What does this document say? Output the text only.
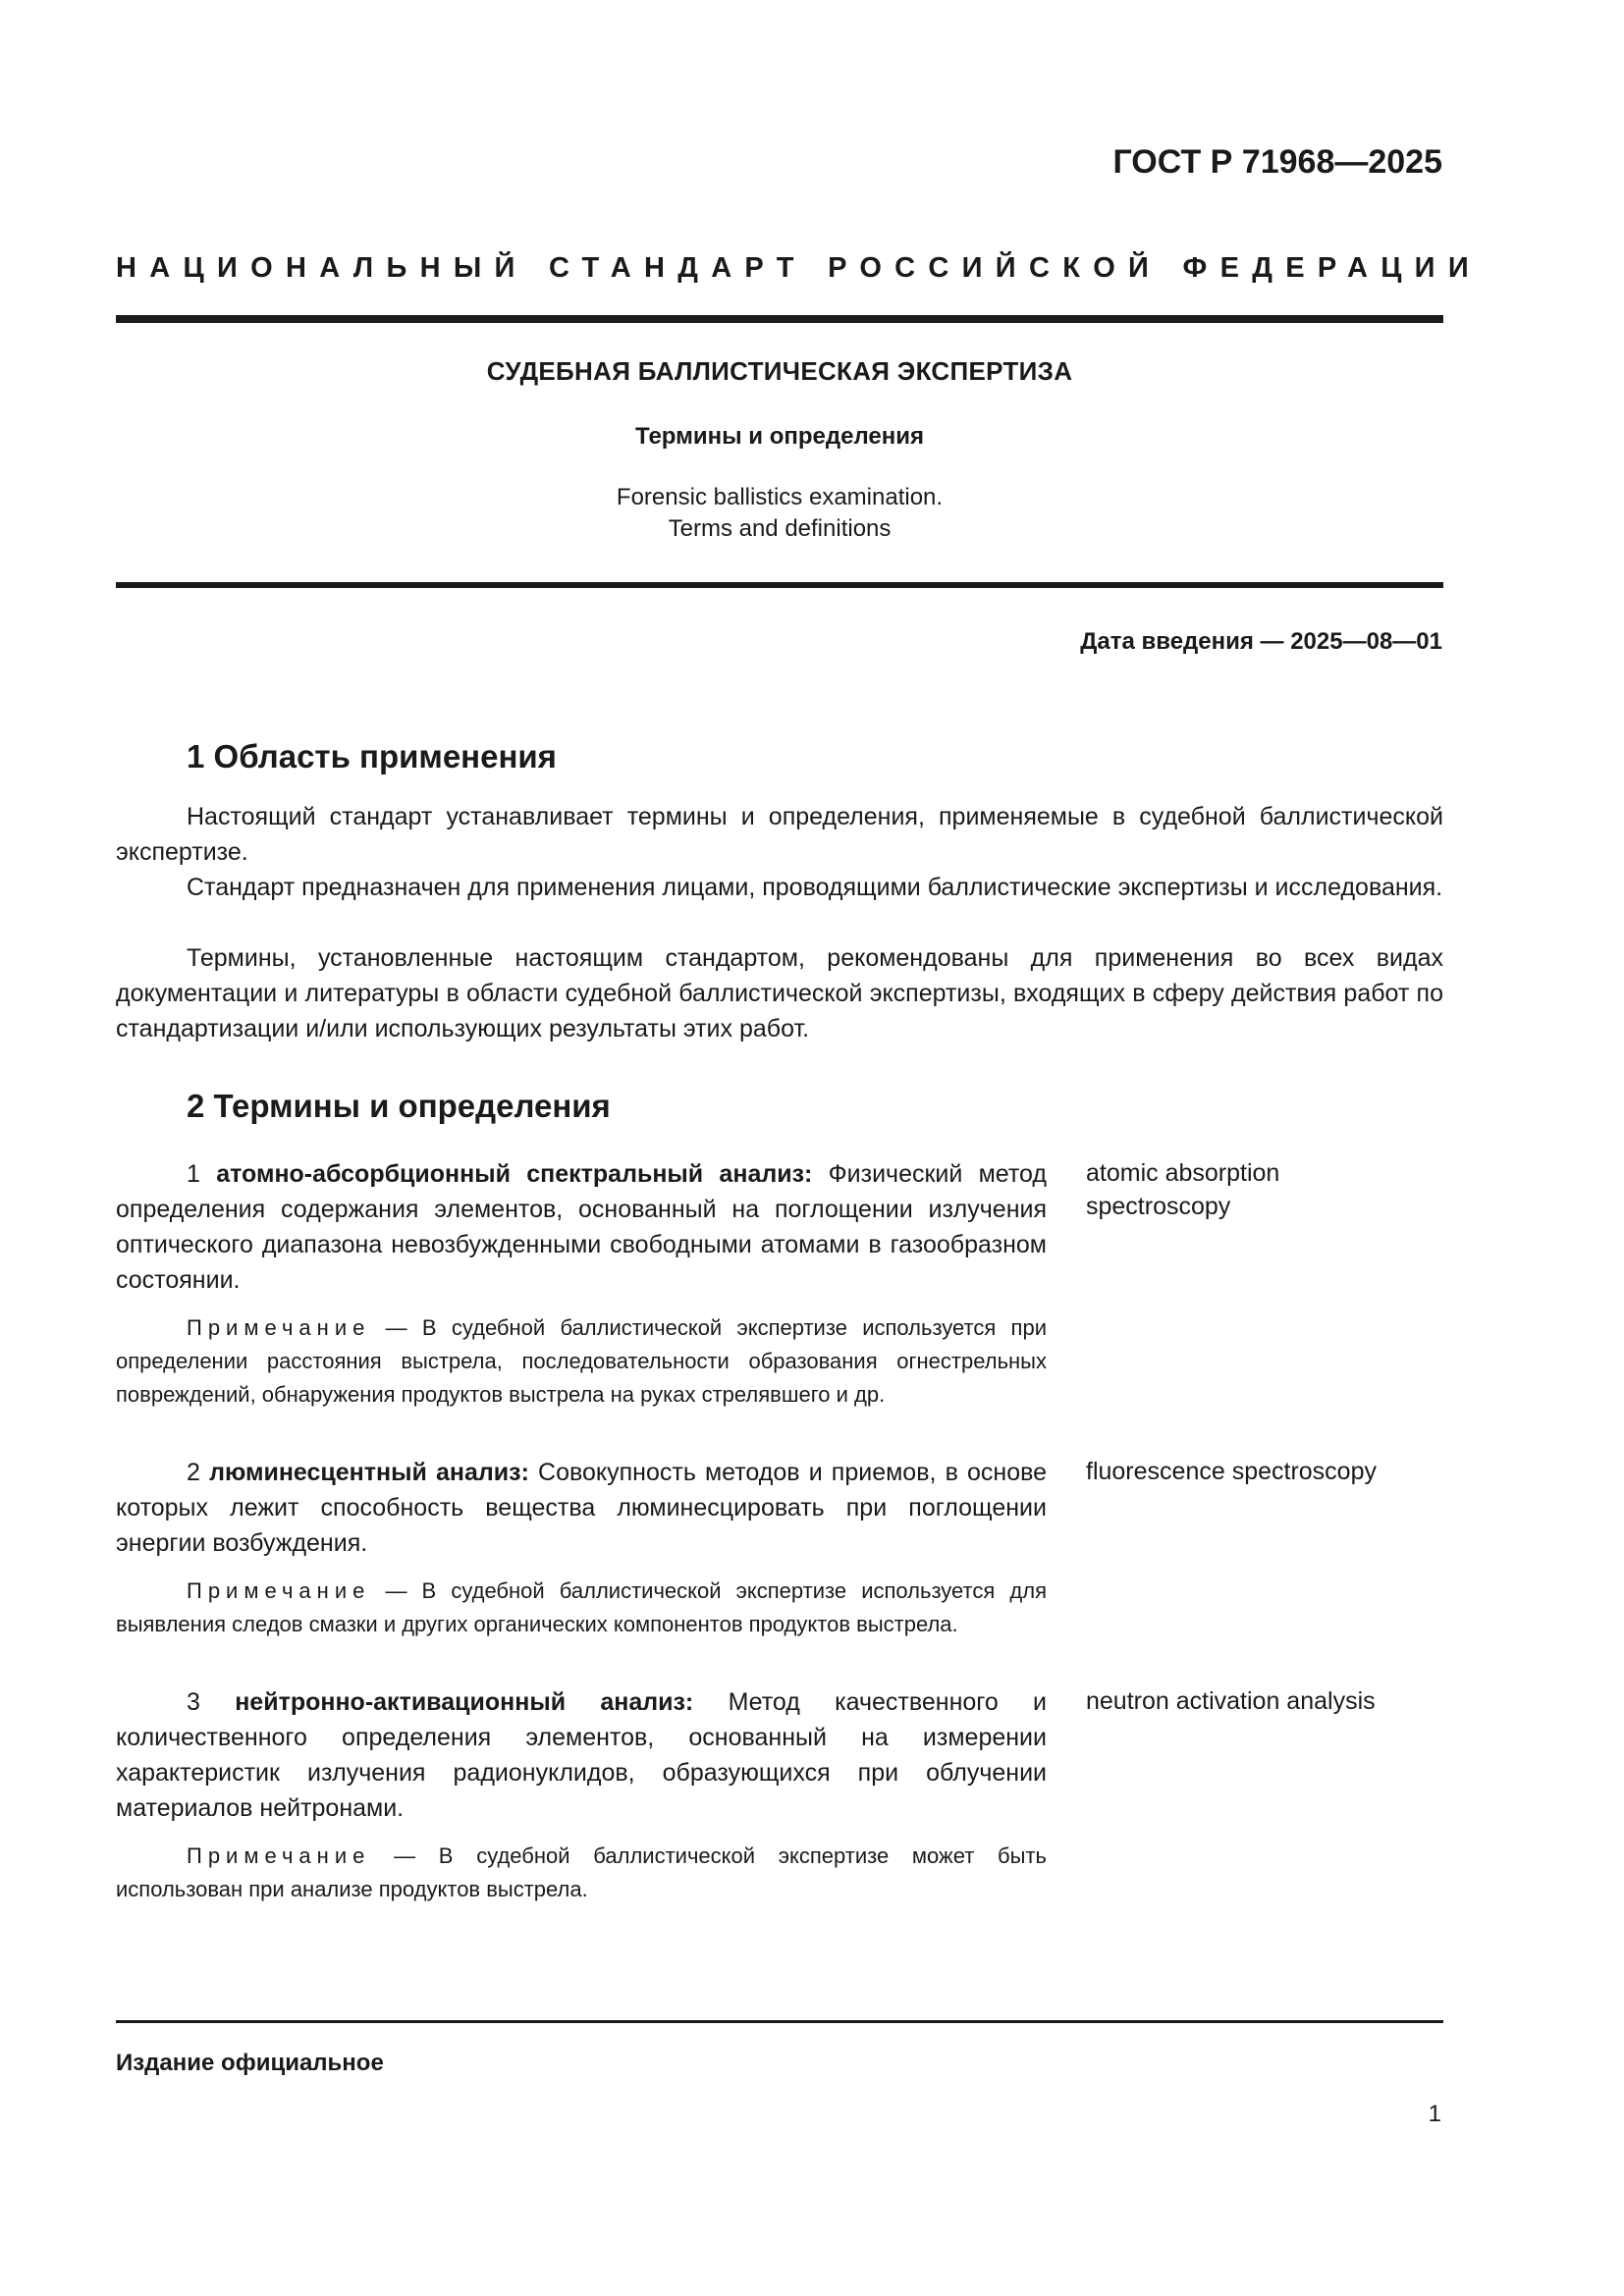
ГОСТ Р 71968—2025
НАЦИОНАЛЬНЫЙ СТАНДАРТ РОССИЙСКОЙ ФЕДЕРАЦИИ
СУДЕБНАЯ БАЛЛИСТИЧЕСКАЯ ЭКСПЕРТИЗА
Термины и определения
Forensic ballistics examination.
Terms and definitions
Дата введения — 2025—08—01
1 Область применения

Настоящий стандарт устанавливает термины и определения, применяемые в судебной баллистической экспертизе.

Стандарт предназначен для применения лицами, проводящими баллистические экспертизы и исследования.

Термины, установленные настоящим стандартом, рекомендованы для применения во всех видах документации и литературы в области судебной баллистической экспертизы, входящих в сферу действия работ по стандартизации и/или использующих результаты этих работ.

2 Термины и определения

1 атомно-абсорбционный спектральный анализ: Физический метод определения содержания элементов, основанный на поглощении излучения оптического диапазона невозбужденными свободными атомами в газообразном состоянии.

Примечание — В судебной баллистической экспертизе используется при определении расстояния выстрела, последовательности образования огнестрельных повреждений, обнаружения продуктов выстрела на руках стрелявшего и др.

atomic absorption
spectroscopy

2 люминесцентный анализ: Совокупность методов и приемов, в основе которых лежит способность вещества люминесцировать при поглощении энергии возбуждения.

Примечание — В судебной баллистической экспертизе используется для выявления следов смазки и других органических компонентов продуктов выстрела.

fluorescence spectroscopy

3 нейтронно-активационный анализ: Метод качественного и количественного определения элементов, основанный на измерении характеристик излучения радионуклидов, образующихся при облучении материалов нейтронами.

Примечание — В судебной баллистической экспертизе может быть использован при анализе продуктов выстрела.

neutron activation analysis
Издание официальное
1
